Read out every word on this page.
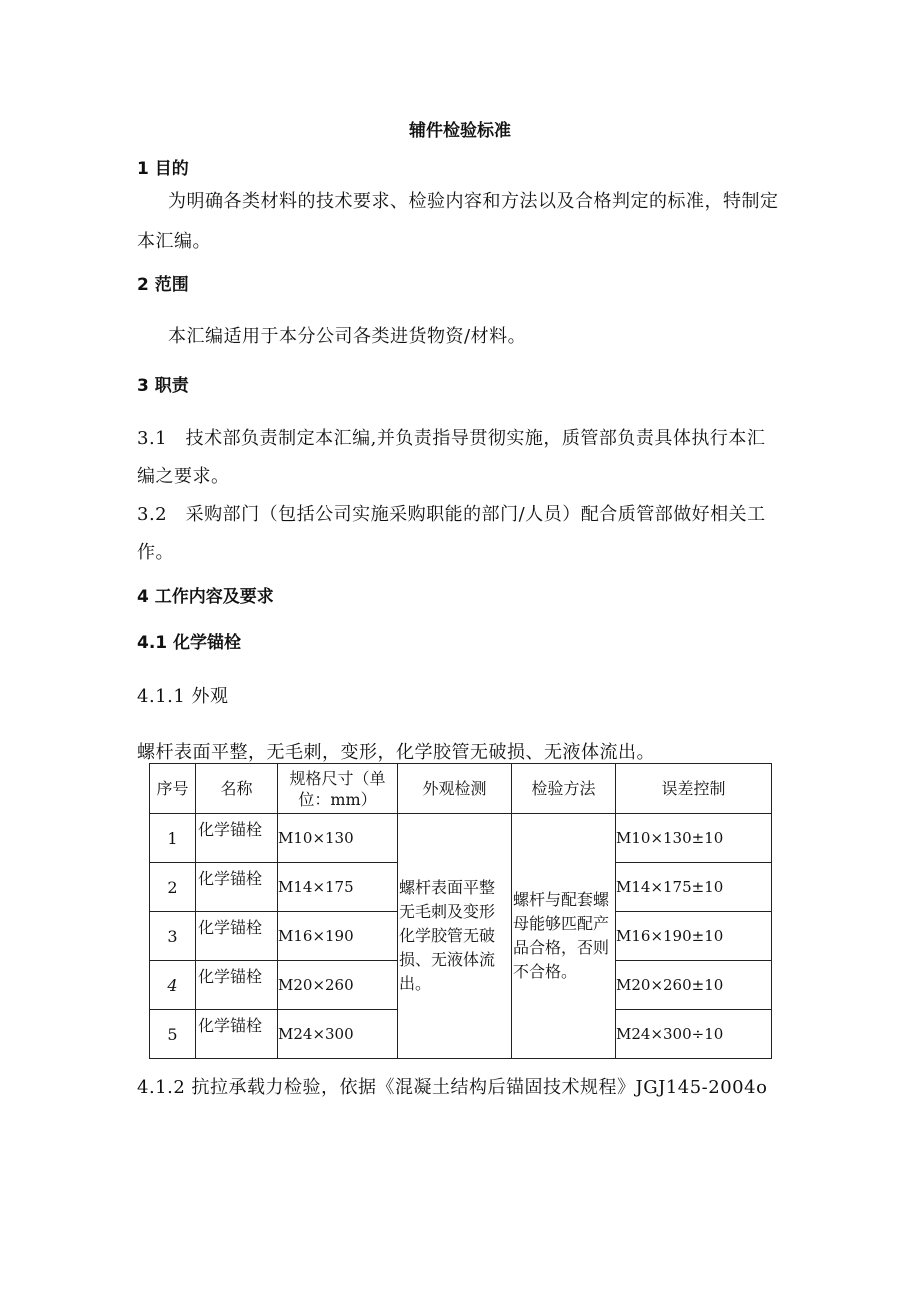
辅件检验标准
1 目的
为明确各类材料的技术要求、检验内容和方法以及合格判定的标准，特制定
本汇编。
2 范围
本汇编适用于本分公司各类进货物资/材料。
3 职责
3.1　技术部负责制定本汇编,并负责指导贯彻实施，质管部负责具体执行本汇
编之要求。
3.2　采购部门（包括公司实施采购职能的部门/人员）配合质管部做好相关工
作。
4 工作内容及要求
4.1 化学锚栓
4.1.1 外观
螺杆表面平整，无毛刺，变形，化学胶管无破损、无液体流出。
序号	名称	规格尺寸（单位：mm）	外观检测	检验方法	误差控制
1	化学锚栓	M10×130	螺杆表面平整无毛刺及变形化学胶管无破损、无液体流出。	螺杆与配套螺母能够匹配产品合格，否则不合格。	M10×130±10
2	化学锚栓	M14×175			M14×175±10
3	化学锚栓	M16×190			M16×190±10
4	化学锚栓	M20×260			M20×260±10
5	化学锚栓	M24×300			M24×300÷10
4.1.2 抗拉承载力检验，依据《混凝土结构后锚固技术规程》JGJ145-2004o
